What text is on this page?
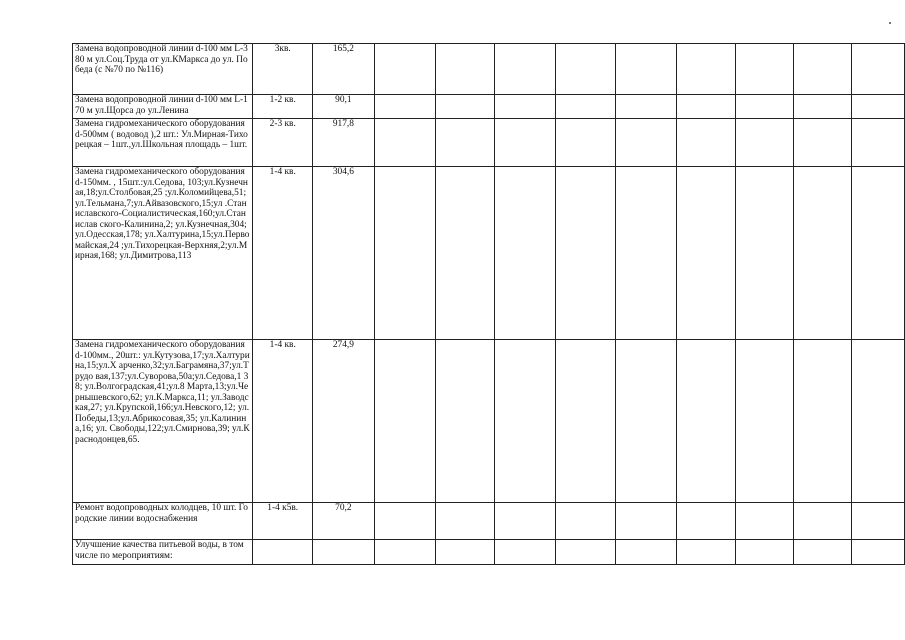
Замена водопроводной линии d-100 мм L-380 м ул.Соц.Труда от ул.КМаркса до ул. Победа (с №70 по №116)	3кв.	165,2									

Замена водопроводной линии d-100 мм L-170 м ул.Щорса до ул.Ленина	1-2 кв.	90,1									

Замена гидромеханического оборудования d-500мм ( водовод ),2 шт.: Ул.Мирная-Тихорецкая – 1шт.,ул.Школьная площадь – 1шт.	2-3 кв.	917,8									

Замена гидромеханического оборудования d-150мм. , 15шт.:ул.Седова, 103;ул.Кузнечная,18;ул.Столбовая,25 ;ул.Коломийцева,51; ул.Тельмана,7;ул.Айвазовского,15;ул .Станиславского-Социалистическая,160;ул.Станислав ского-Калинина,2; ул.Кузнечная,304;ул.Одесская,178; ул.Халтурина,15;ул.Первомайская,24 ;ул.Тихорецкая-Верхняя,2;ул.Мирная,168; ул.Димитрова,113	1-4 кв.	304,6									

Замена гидромеханического оборудования d-100мм., 20шт.: ул.Кутузова,17;ул.Халтурина,15;ул.Х арченко,32;ул.Баграмяна,37;ул.Трудо вая,137;ул.Суворова,50а;ул.Седова,1 38; ул.Волгоградская,41;ул.8 Марта,13;ул.Чернышевского,62; ул.К.Маркса,11; ул.Заводская,27; ул.Крупской,166;ул.Невского,12; ул.Победы,13;ул.Абрикосовая,35; ул.Калинина,16; ул. Свободы,122;ул.Смирнова,39; ул.Краснодонцев,65.	1-4 кв.	274,9									

Ремонт водопроводных колодцев, 10 шт. Городские линии водоснабжения	1-4 к5в.	70,2									

Улучшение качества питьевой воды, в том числе по мероприятиям:											
